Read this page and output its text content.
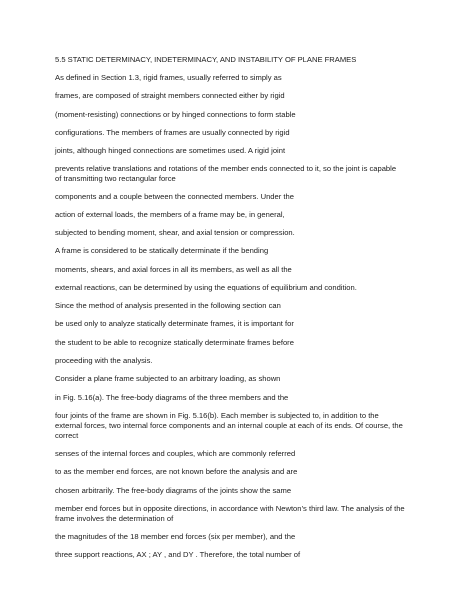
5.5 STATIC DETERMINACY, INDETERMINACY, AND INSTABILITY OF PLANE FRAMES

As defined in Section 1.3, rigid frames, usually referred to simply as

frames, are composed of straight members connected either by rigid

(moment-resisting) connections or by hinged connections to form stable

configurations. The members of frames are usually connected by rigid

joints, although hinged connections are sometimes used. A rigid joint

prevents relative translations and rotations of the member ends connected to it, so the joint is capable

of transmitting two rectangular force

components and a couple between the connected members. Under the

action of external loads, the members of a frame may be, in general,

subjected to bending moment, shear, and axial tension or compression.

A frame is considered to be statically determinate if the bending

moments, shears, and axial forces in all its members, as well as all the

external reactions, can be determined by using the equations of equilibrium and condition.

Since the method of analysis presented in the following section can

be used only to analyze statically determinate frames, it is important for

the student to be able to recognize statically determinate frames before

proceeding with the analysis.

Consider a plane frame subjected to an arbitrary loading, as shown

in Fig. 5.16(a). The free-body diagrams of the three members and the

four joints of the frame are shown in Fig. 5.16(b). Each member is subjected to, in addition to the

external forces, two internal force components and an internal couple at each of its ends. Of course, the

correct

senses of the internal forces and couples, which are commonly referred

to as the member end forces, are not known before the analysis and are

chosen arbitrarily. The free-body diagrams of the joints show the same

member end forces but in opposite directions, in accordance with Newton’s third law. The analysis of the

frame involves the determination of

the magnitudes of the 18 member end forces (six per member), and the

three support reactions, AX ; AY , and DY . Therefore, the total number of
